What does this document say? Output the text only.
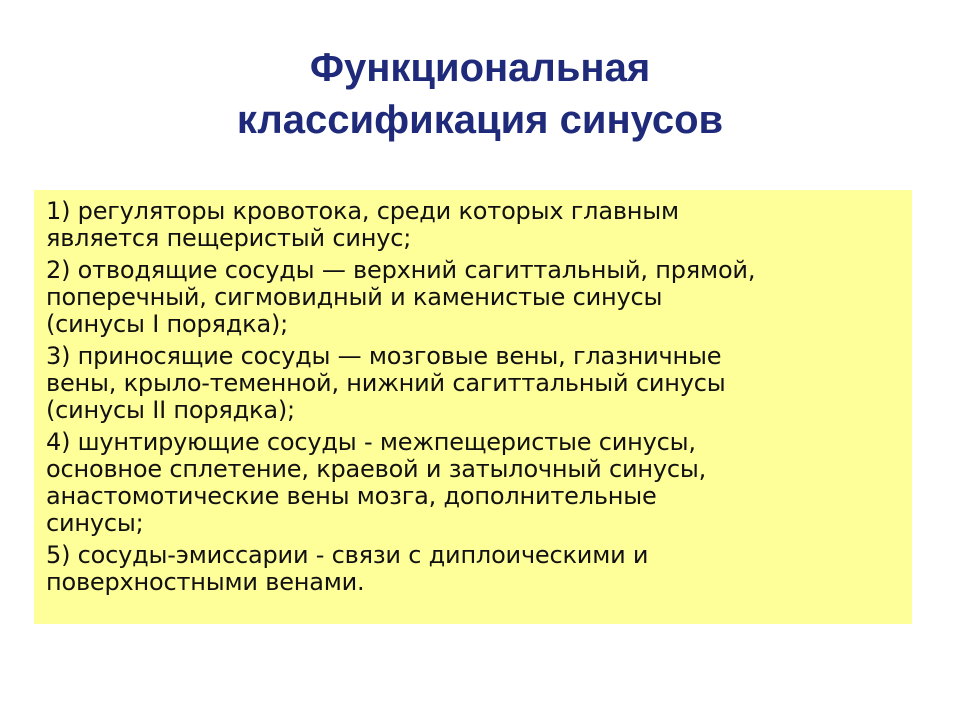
Функциональная
классификация синусов
1) регуляторы кровотока, среди которых главным
является пещеристый синус;
2) отводящие сосуды — верхний сагиттальный, прямой,
поперечный, сигмовидный и каменистые синусы
(синусы I порядка);
3) приносящие сосуды — мозговые вены, глазничные
вены, крыло-теменной, нижний сагиттальный синусы
(синусы II порядка);
4) шунтирующие сосуды - межпещеристые синусы,
основное сплетение, краевой и затылочный синусы,
анастомотические вены мозга, дополнительные
синусы;
5) сосуды-эмиссарии - связи с диплоическими и
поверхностными венами.
